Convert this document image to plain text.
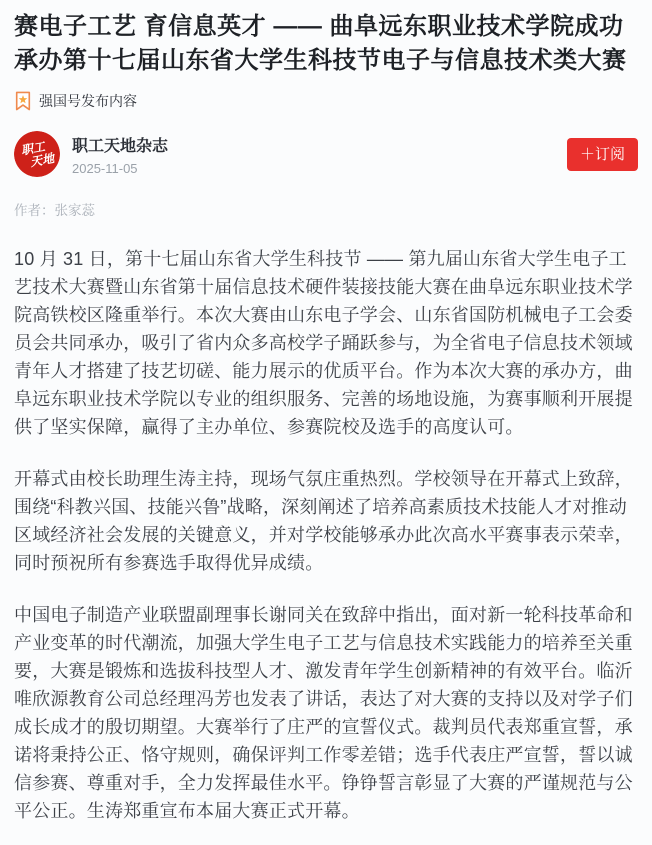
赛电子工艺 育信息英才 —— 曲阜远东职业技术学院成功承办第十七届山东省大学生科技节电子与信息技术类大赛
强国号发布内容
职工
天地
职工天地杂志
2025-11-05
＋订阅
作者：张家蕊

10 月 31 日，第十七届山东省大学生科技节 —— 第九届山东省大学生电子工艺技术大赛暨山东省第十届信息技术硬件装接技能大赛在曲阜远东职业技术学院高铁校区隆重举行。本次大赛由山东电子学会、山东省国防机械电子工会委员会共同承办，吸引了省内众多高校学子踊跃参与，为全省电子信息技术领域青年人才搭建了技艺切磋、能力展示的优质平台。作为本次大赛的承办方，曲阜远东职业技术学院以专业的组织服务、完善的场地设施，为赛事顺利开展提供了坚实保障，赢得了主办单位、参赛院校及选手的高度认可。

开幕式由校长助理生涛主持，现场气氛庄重热烈。学校领导在开幕式上致辞，围绕“科教兴国、技能兴鲁”战略，深刻阐述了培养高素质技术技能人才对推动区域经济社会发展的关键意义，并对学校能够承办此次高水平赛事表示荣幸，同时预祝所有参赛选手取得优异成绩。

中国电子制造产业联盟副理事长谢同关在致辞中指出，面对新一轮科技革命和产业变革的时代潮流，加强大学生电子工艺与信息技术实践能力的培养至关重要，大赛是锻炼和选拔科技型人才、激发青年学生创新精神的有效平台。临沂唯欣源教育公司总经理冯芳也发表了讲话，表达了对大赛的支持以及对学子们成长成才的殷切期望。大赛举行了庄严的宣誓仪式。裁判员代表郑重宣誓，承诺将秉持公正、恪守规则，确保评判工作零差错；选手代表庄严宣誓，誓以诚信参赛、尊重对手，全力发挥最佳水平。铮铮誓言彰显了大赛的严谨规范与公平公正。生涛郑重宣布本届大赛正式开幕。
